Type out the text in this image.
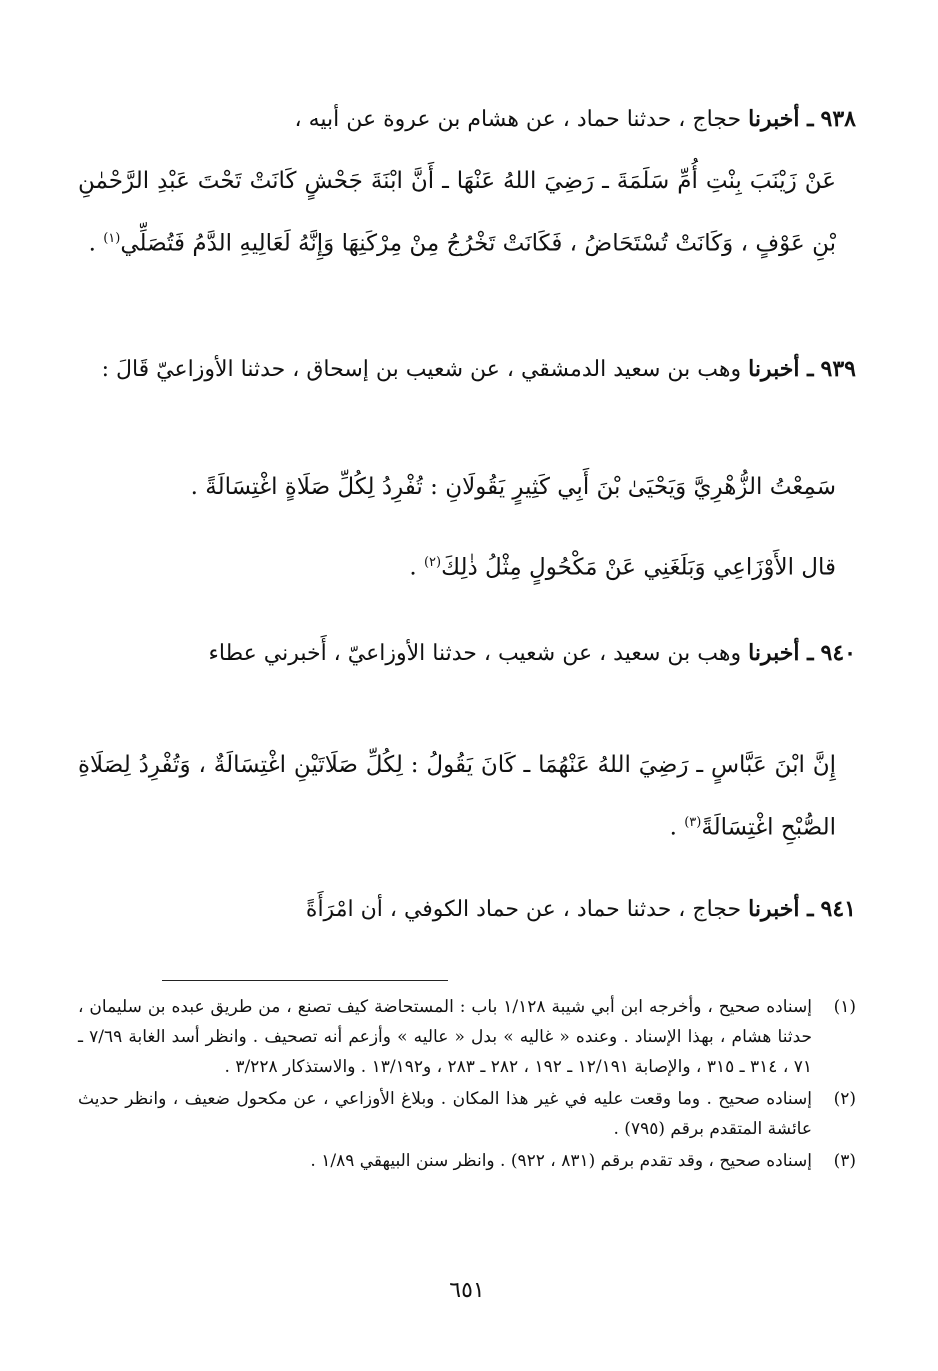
٩٣٨ ـ أخبرنا حجاج ، حدثنا حماد ، عن هشام بن عروة عن أبيه ،
عَنْ زَيْنَبَ بِنْتِ أُمِّ سَلَمَةَ ـ رَضِيَ اللهُ عَنْهَا ـ أَنَّ ابْنَةَ جَحْشٍ كَانَتْ تَحْتَ عَبْدِ الرَّحْمٰنِ بْنِ عَوْفٍ ، وَكَانَتْ تُسْتَحَاضُ ، فَكَانَتْ تَخْرُجُ مِنْ مِرْكَنِهَا وَإِنَّهُ لَعَالِيهِ الدَّمُ فَتُصَلِّي$^{(١)}$ .
٩٣٩ ـ أخبرنا وهب بن سعيد الدمشقي ، عن شعيب بن إسحاق ، حدثنا الأوزاعيّ قَالَ :
سَمِعْتُ الزُّهْرِيَّ وَيَحْيَىٰ بْنَ أَبِي كَثِيرٍ يَقُولَانِ : تُفْرِدُ لِكُلِّ صَلَاةٍ اغْتِسَالَةً .
قال الأَوْزَاعِي وَبَلَغَنِي عَنْ مَكْحُولٍ مِثْلُ ذٰلِكَ$^{(٢)}$ .
٩٤٠ ـ أخبرنا وهب بن سعيد ، عن شعيب ، حدثنا الأوزاعيّ ، أَخبرني عطاء
إِنَّ ابْنَ عَبَّاسٍ ـ رَضِيَ اللهُ عَنْهُمَا ـ كَانَ يَقُولُ : لِكُلِّ صَلَاتَيْنِ اغْتِسَالَةٌ ، وَتُفْرِدُ لِصَلَاةِ الصُّبْحِ اغْتِسَالَةً$^{(٣)}$ .
٩٤١ ـ أخبرنا حجاج ، حدثنا حماد ، عن حماد الكوفي ، أن امْرَأَةً
(١)
إسناده صحيح ، وأخرجه ابن أبي شيبة ١/١٢٨ باب : المستحاضة كيف تصنع ، من طريق عبده بن سليمان ، حدثنا هشام ، بهذا الإسناد . وعنده « غاليه » بدل « عاليه » وأزعم أنه تصحيف . وانظر أسد الغابة ٧/٦٩ ـ ٧١ ، ٣١٤ ـ ٣١٥ ، والإصابة ١٢/١٩١ ـ ١٩٢ ، ٢٨٢ ـ ٢٨٣ ، و١٣/١٩٢ . والاستذكار ٣/٢٢٨ .
(٢)
إسناده صحيح . وما وقعت عليه في غير هذا المكان . وبلاغ الأوزاعي ، عن مكحول ضعيف ، وانظر حديث عائشة المتقدم برقم (٧٩٥) .
(٣)
إسناده صحيح ، وقد تقدم برقم (٨٣١ ، ٩٢٢) . وانظر سنن البيهقي ١/٨٩ .
٦٥١
